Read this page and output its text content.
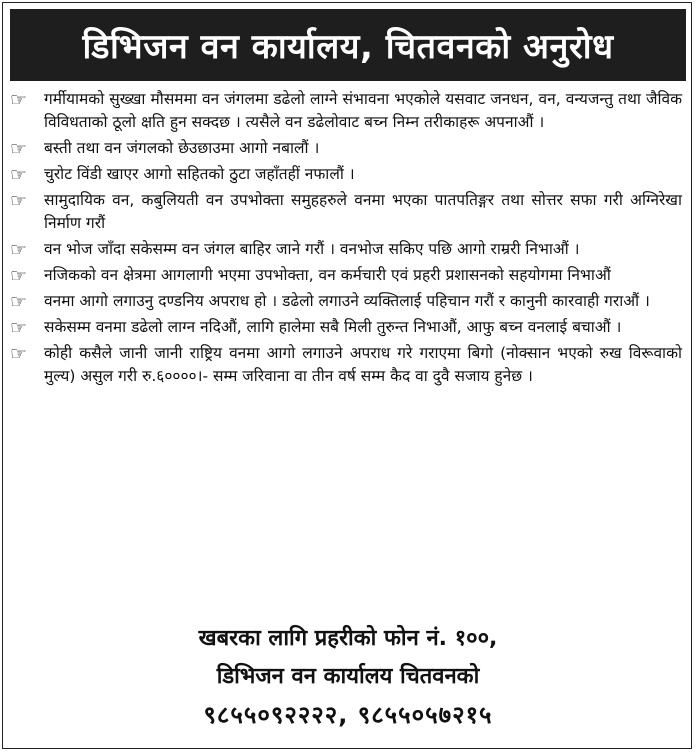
डिभिजन वन कार्यालय, चितवनको अनुरोध
☞	गर्मीयामको सुख्खा मौसममा वन जंगलमा डढेलो लाग्ने संभावना भएकोले यसवाट जनधन, वन, वन्यजन्तु तथा जैविक विविधताको ठूलो क्षति हुन सक्दछ । त्यसैले वन डढेलोवाट बच्न निम्न तरीकाहरू अपनाऔं ।
☞	बस्ती तथा वन जंगलको छेउछाउमा आगो नबालौं ।
☞	चुरोट विंडी खाएर आगो सहितको ठुटा जहाँतहीं नफालौं ।
☞	सामुदायिक वन, कबुलियती वन उपभोक्ता समुहहरुले वनमा भएका पातपतिङ्गर तथा सोत्तर सफा गरी अग्निरेखा निर्माण गरौं
☞	वन भोज जाँदा सकेसम्म वन जंगल बाहिर जाने गरौं । वनभोज सकिए पछि आगो राम्ररी निभाऔं ।
☞	नजिकको वन क्षेत्रमा आगलागी भएमा उपभोक्ता, वन कर्मचारी एवं प्रहरी प्रशासनको सहयोगमा निभाऔं
☞	वनमा आगो लगाउनु दण्डनिय अपराध हो । डढेलो लगाउने व्यक्तिलाई पहिचान गरौं र कानुनी कारवाही गराऔं ।
☞	सकेसम्म वनमा डढेलो लाग्न नदिऔं, लागि हालेमा सबै मिली तुरुन्त निभाऔं, आफु बच्न वनलाई बचाऔं ।
☞	कोही कसैले जानी जानी राष्ट्रिय वनमा आगो लगाउने अपराध गरे गराएमा बिगो (नोक्सान भएको रुख विरूवाको मुल्य) असुल गरी रु.६००००।- सम्म जरिवाना वा तीन वर्ष सम्म कैद वा दुवै सजाय हुनेछ ।
खबरका लागि प्रहरीको फोन नं. १००,
डिभिजन वन कार्यालय चितवनको
९८५५०९२२२२, ९८५५०५७२१५
